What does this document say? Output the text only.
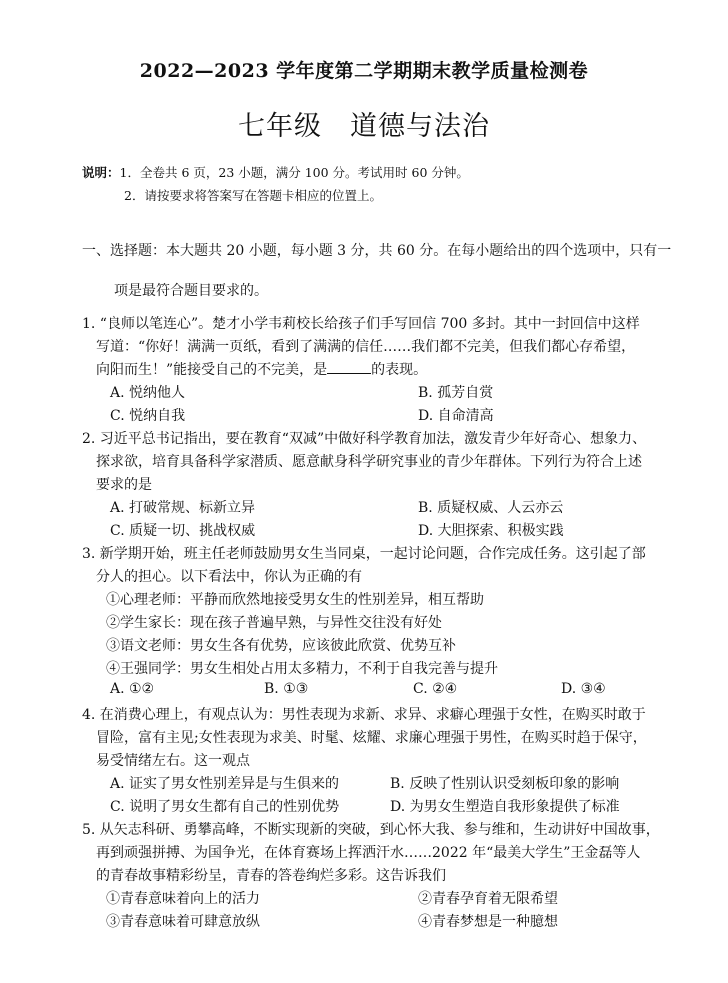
2022—2023 学年度第二学期期末教学质量检测卷
七年级　道德与法治
说明：1．全卷共 6 页，23 小题，满分 100 分。考试用时 60 分钟。
2．请按要求将答案写在答题卡相应的位置上。
一、选择题：本大题共 20 小题，每小题 3 分，共 60 分。在每小题给出的四个选项中，只有一
项是最符合题目要求的。
1. “良师以笔连心”。楚才小学韦莉校长给孩子们手写回信 700 多封。其中一封回信中这样
写道：“你好！满满一页纸，看到了满满的信任……我们都不完美，但我们都心存希望，
向阳而生！”能接受自己的不完美，是	的表现。
A. 悦纳他人	B. 孤芳自赏
C. 悦纳自我	D. 自命清高
2. 习近平总书记指出，要在教育“双减”中做好科学教育加法，激发青少年好奇心、想象力、
探求欲，培育具备科学家潜质、愿意献身科学研究事业的青少年群体。下列行为符合上述
要求的是
A. 打破常规、标新立异	B. 质疑权威、人云亦云
C. 质疑一切、挑战权威	D. 大胆探索、积极实践
3. 新学期开始，班主任老师鼓励男女生当同桌，一起讨论问题，合作完成任务。这引起了部
分人的担心。以下看法中，你认为正确的有
①心理老师：平静而欣然地接受男女生的性别差异，相互帮助
②学生家长：现在孩子普遍早熟，与异性交往没有好处
③语文老师：男女生各有优势，应该彼此欣赏、优势互补
④王强同学：男女生相处占用太多精力，不利于自我完善与提升
A. ①②	B. ①③	C. ②④	D. ③④
4. 在消费心理上，有观点认为：男性表现为求新、求异、求癖心理强于女性，在购买时敢于
冒险，富有主见;女性表现为求美、时髦、炫耀、求廉心理强于男性，在购买时趋于保守，
易受情绪左右。这一观点
A. 证实了男女性别差异是与生俱来的	B. 反映了性别认识受刻板印象的影响
C. 说明了男女生都有自己的性别优势	D. 为男女生塑造自我形象提供了标准
5. 从矢志科研、勇攀高峰，不断实现新的突破，到心怀大我、参与维和，生动讲好中国故事，
再到顽强拼搏、为国争光，在体育赛场上挥洒汗水……2022 年“最美大学生”王金磊等人
的青春故事精彩纷呈，青春的答卷绚烂多彩。这告诉我们
①青春意味着向上的活力	②青春孕育着无限希望
③青春意味着可肆意放纵	④青春梦想是一种臆想
